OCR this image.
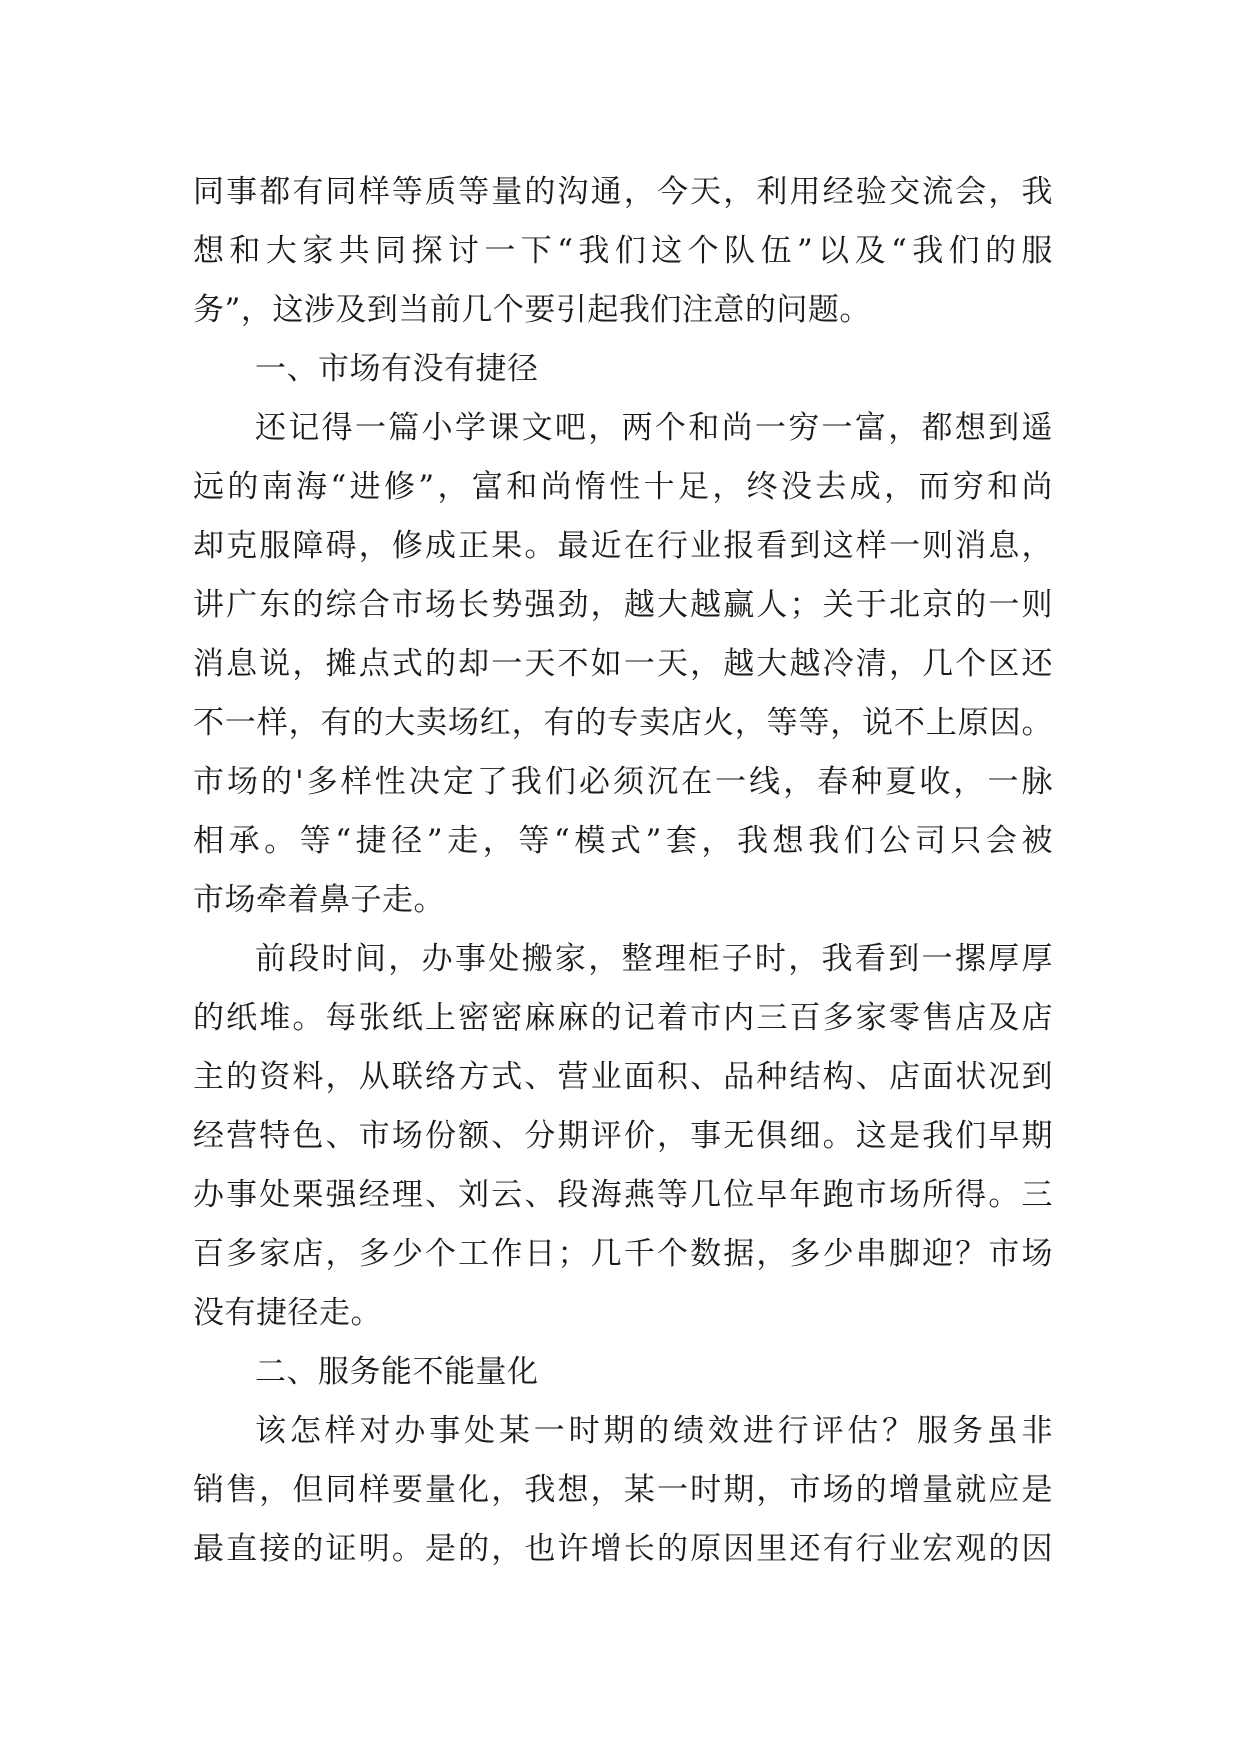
同事都有同样等质等量的沟通，今天，利用经验交流会，我
想和大家共同探讨一下“我们这个队伍”以及“我们的服
务”，这涉及到当前几个要引起我们注意的问题。
一、市场有没有捷径
还记得一篇小学课文吧，两个和尚一穷一富，都想到遥
远的南海“进修”，富和尚惰性十足，终没去成，而穷和尚
却克服障碍，修成正果。最近在行业报看到这样一则消息，
讲广东的综合市场长势强劲，越大越赢人；关于北京的一则
消息说，摊点式的却一天不如一天，越大越冷清，几个区还
不一样，有的大卖场红，有的专卖店火，等等，说不上原因。
市场的'多样性决定了我们必须沉在一线，春种夏收，一脉
相承。等“捷径”走，等“模式”套，我想我们公司只会被
市场牵着鼻子走。
前段时间，办事处搬家，整理柜子时，我看到一摞厚厚
的纸堆。每张纸上密密麻麻的记着市内三百多家零售店及店
主的资料，从联络方式、营业面积、品种结构、店面状况到
经营特色、市场份额、分期评价，事无俱细。这是我们早期
办事处栗强经理、刘云、段海燕等几位早年跑市场所得。三
百多家店，多少个工作日；几千个数据，多少串脚迎？市场
没有捷径走。
二、服务能不能量化
该怎样对办事处某一时期的绩效进行评估？服务虽非
销售，但同样要量化，我想，某一时期，市场的增量就应是
最直接的证明。是的，也许增长的原因里还有行业宏观的因
